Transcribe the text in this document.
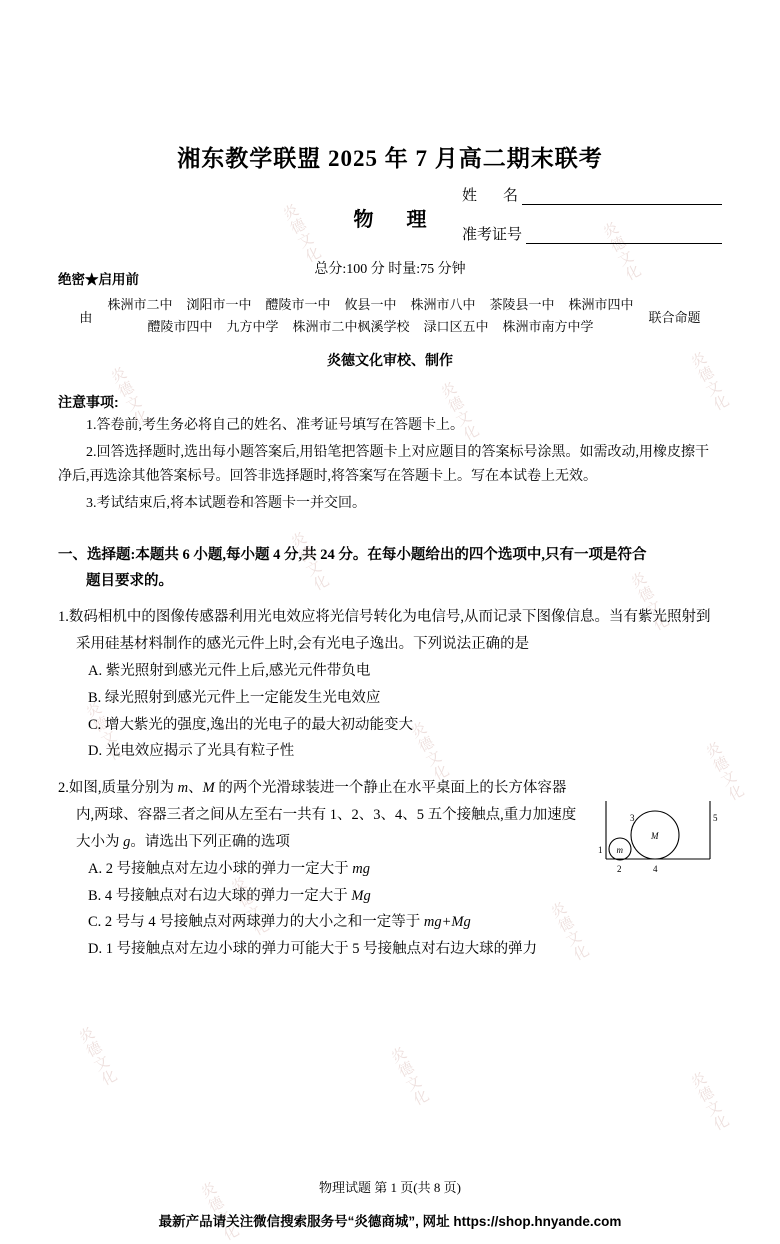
炎德文化	炎德文化
炎德文化	炎德文化	炎德文化
炎德文化
炎德文化
炎德文化	炎德文化	炎德文化
炎德文化	炎德文化
炎德文化	炎德文化	炎德文化
炎德文化
姓 名
准考证号
绝密★启用前
湘东教学联盟 2025 年 7 月高二期末联考
物 理
总分:100 分 时量:75 分钟
由
株洲市二中 浏阳市一中 醴陵市一中 攸县一中 株洲市八中 茶陵县一中 株洲市四中
醴陵市四中 九方中学 株洲市二中枫溪学校 渌口区五中 株洲市南方中学
联合命题
炎德文化审校、制作
注意事项:
1.答卷前,考生务必将自己的姓名、准考证号填写在答题卡上。
2.回答选择题时,选出每小题答案后,用铅笔把答题卡上对应题目的答案标号涂黑。如需改动,用橡皮擦干净后,再选涂其他答案标号。回答非选择题时,将答案写在答题卡上。写在本试卷上无效。
3.考试结束后,将本试题卷和答题卡一并交回。
一、选择题:本题共 6 小题,每小题 4 分,共 24 分。在每小题给出的四个选项中,只有一项是符合
题目要求的。
1.数码相机中的图像传感器利用光电效应将光信号转化为电信号,从而记录下图像信息。当有紫光照射到采用硅基材料制作的感光元件上时,会有光电子逸出。下列说法正确的是
A. 紫光照射到感光元件上后,感光元件带负电
B. 绿光照射到感光元件上一定能发生光电效应
C. 增大紫光的强度,逸出的光电子的最大初动能变大
D. 光电效应揭示了光具有粒子性
2.如图,质量分别为 m、M 的两个光滑球装进一个静止在水平桌面上的长方体容器内,两球、容器三者之间从左至右一共有 1、2、3、4、5 五个接触点,重力加速度大小为 g。请选出下列正确的选项
m
M
1
2
3
4
5
A. 2 号接触点对左边小球的弹力一定大于 mg
B. 4 号接触点对右边大球的弹力一定大于 Mg
C. 2 号与 4 号接触点对两球弹力的大小之和一定等于 mg+Mg
D. 1 号接触点对左边小球的弹力可能大于 5 号接触点对右边大球的弹力
物理试题 第 1 页(共 8 页)
最新产品请关注微信搜索服务号“炎德商城”, 网址 https://shop.hnyande.com
